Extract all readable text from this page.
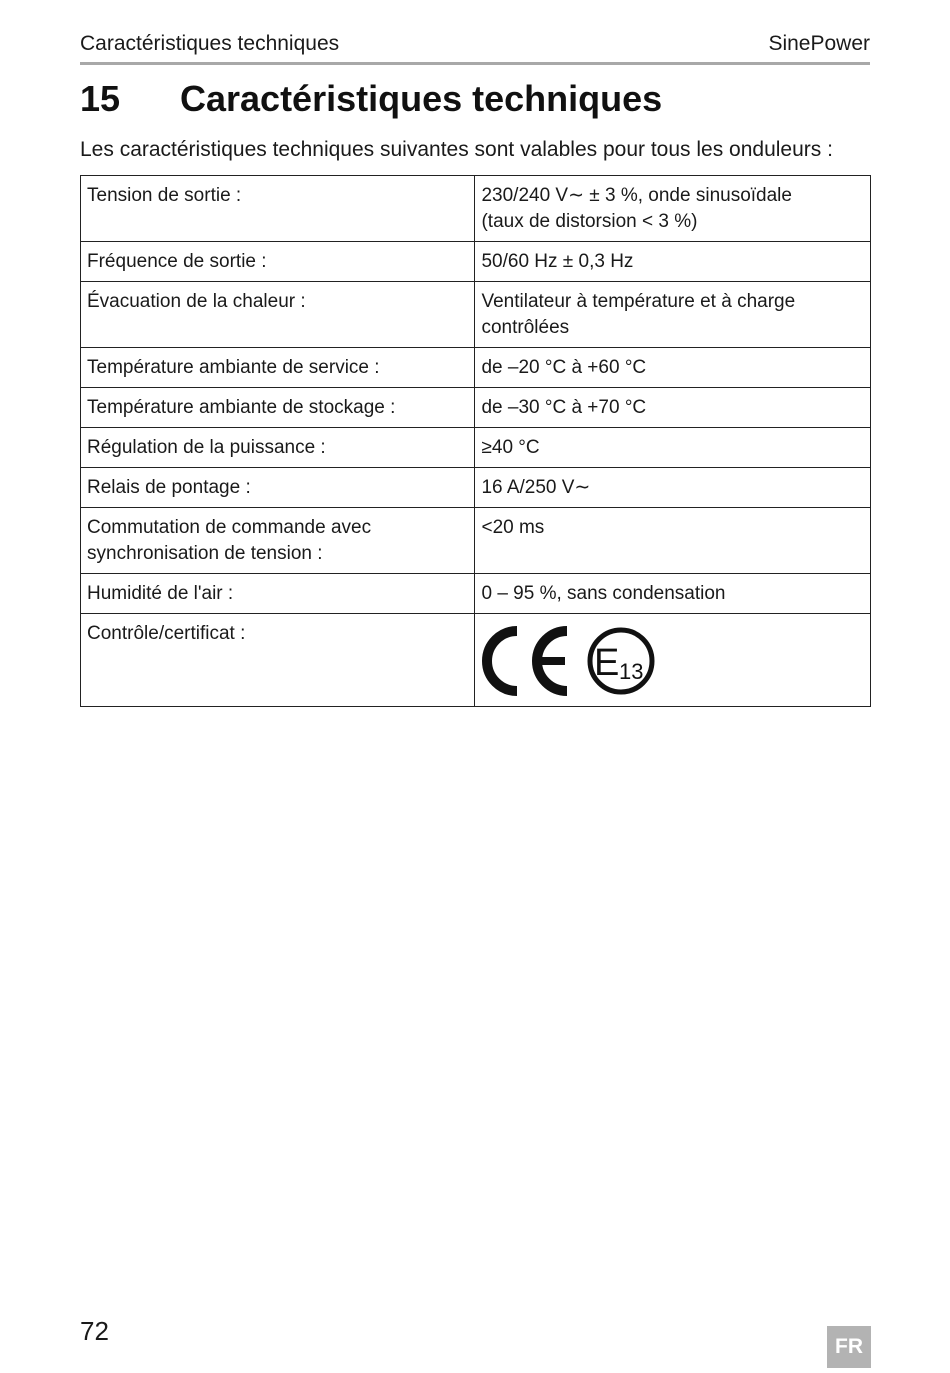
Caractéristiques techniques	SinePower
15 Caractéristiques techniques
Les caractéristiques techniques suivantes sont valables pour tous les onduleurs :
Tension de sortie :	230/240 V∼ ± 3 %, onde sinusoïdale
(taux de distorsion < 3 %)

Fréquence de sortie :	50/60 Hz ± 0,3 Hz

Évacuation de la chaleur :	Ventilateur à température et à charge
contrôlées

Température ambiante de service :	de –20 °C à +60 °C

Température ambiante de stockage :	de –30 °C à +70 °C

Régulation de la puissance :	≥40 °C

Relais de pontage :	16 A/250 V∼

Commutation de commande avec
synchronisation de tension :	<20 ms

Humidité de l'air :	0 – 95 %, sans condensation

Contrôle/certificat :	E 13
72
FR
